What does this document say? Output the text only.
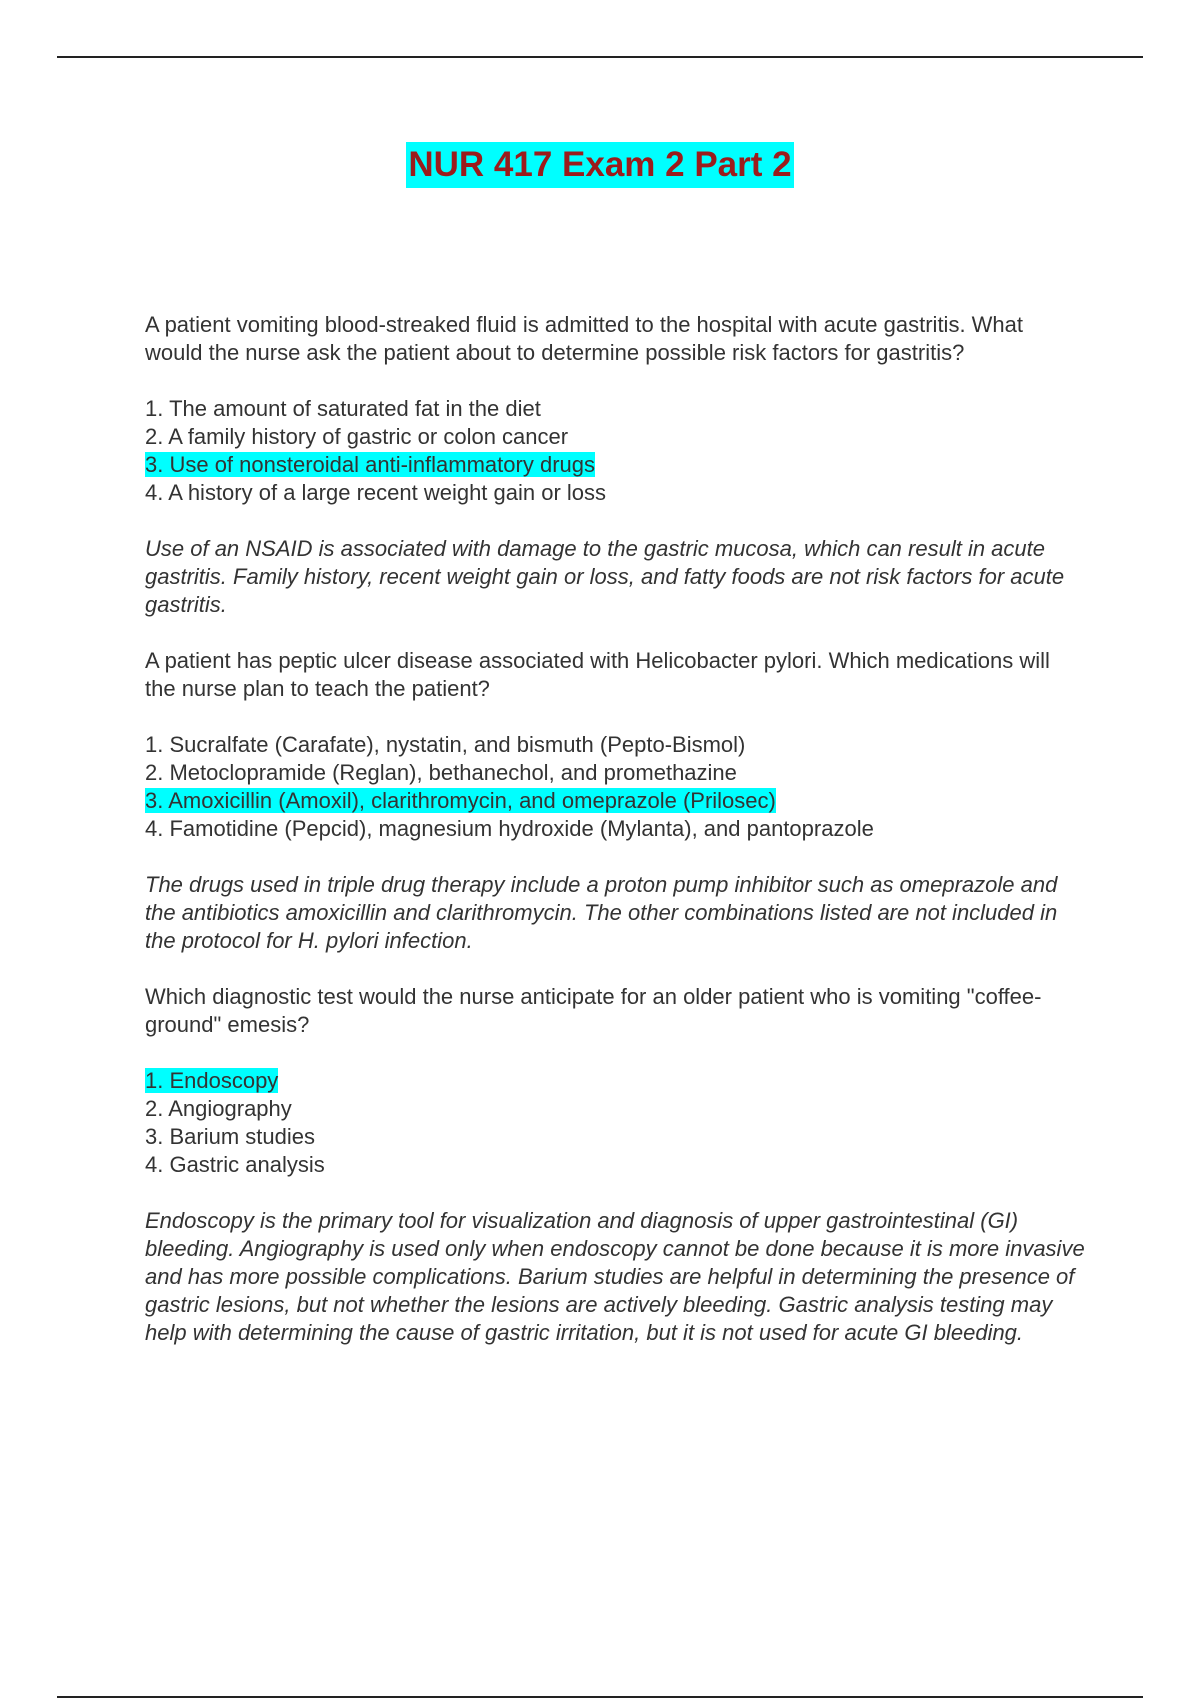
NUR 417 Exam 2 Part 2

A patient vomiting blood-streaked fluid is admitted to the hospital with acute gastritis. What would the nurse ask the patient about to determine possible risk factors for gastritis?

1. The amount of saturated fat in the diet
2. A family history of gastric or colon cancer
3. Use of nonsteroidal anti-inflammatory drugs
4. A history of a large recent weight gain or loss

Use of an NSAID is associated with damage to the gastric mucosa, which can result in acute gastritis. Family history, recent weight gain or loss, and fatty foods are not risk factors for acute gastritis.

A patient has peptic ulcer disease associated with Helicobacter pylori. Which medications will the nurse plan to teach the patient?

1. Sucralfate (Carafate), nystatin, and bismuth (Pepto-Bismol)
2. Metoclopramide (Reglan), bethanechol, and promethazine
3. Amoxicillin (Amoxil), clarithromycin, and omeprazole (Prilosec)
4. Famotidine (Pepcid), magnesium hydroxide (Mylanta), and pantoprazole

The drugs used in triple drug therapy include a proton pump inhibitor such as omeprazole and the antibiotics amoxicillin and clarithromycin. The other combinations listed are not included in the protocol for H. pylori infection.

Which diagnostic test would the nurse anticipate for an older patient who is vomiting "coffee-ground" emesis?

1. Endoscopy
2. Angiography
3. Barium studies
4. Gastric analysis

Endoscopy is the primary tool for visualization and diagnosis of upper gastrointestinal (GI) bleeding. Angiography is used only when endoscopy cannot be done because it is more invasive and has more possible complications. Barium studies are helpful in determining the presence of gastric lesions, but not whether the lesions are actively bleeding. Gastric analysis testing may help with determining the cause of gastric irritation, but it is not used for acute GI bleeding.
